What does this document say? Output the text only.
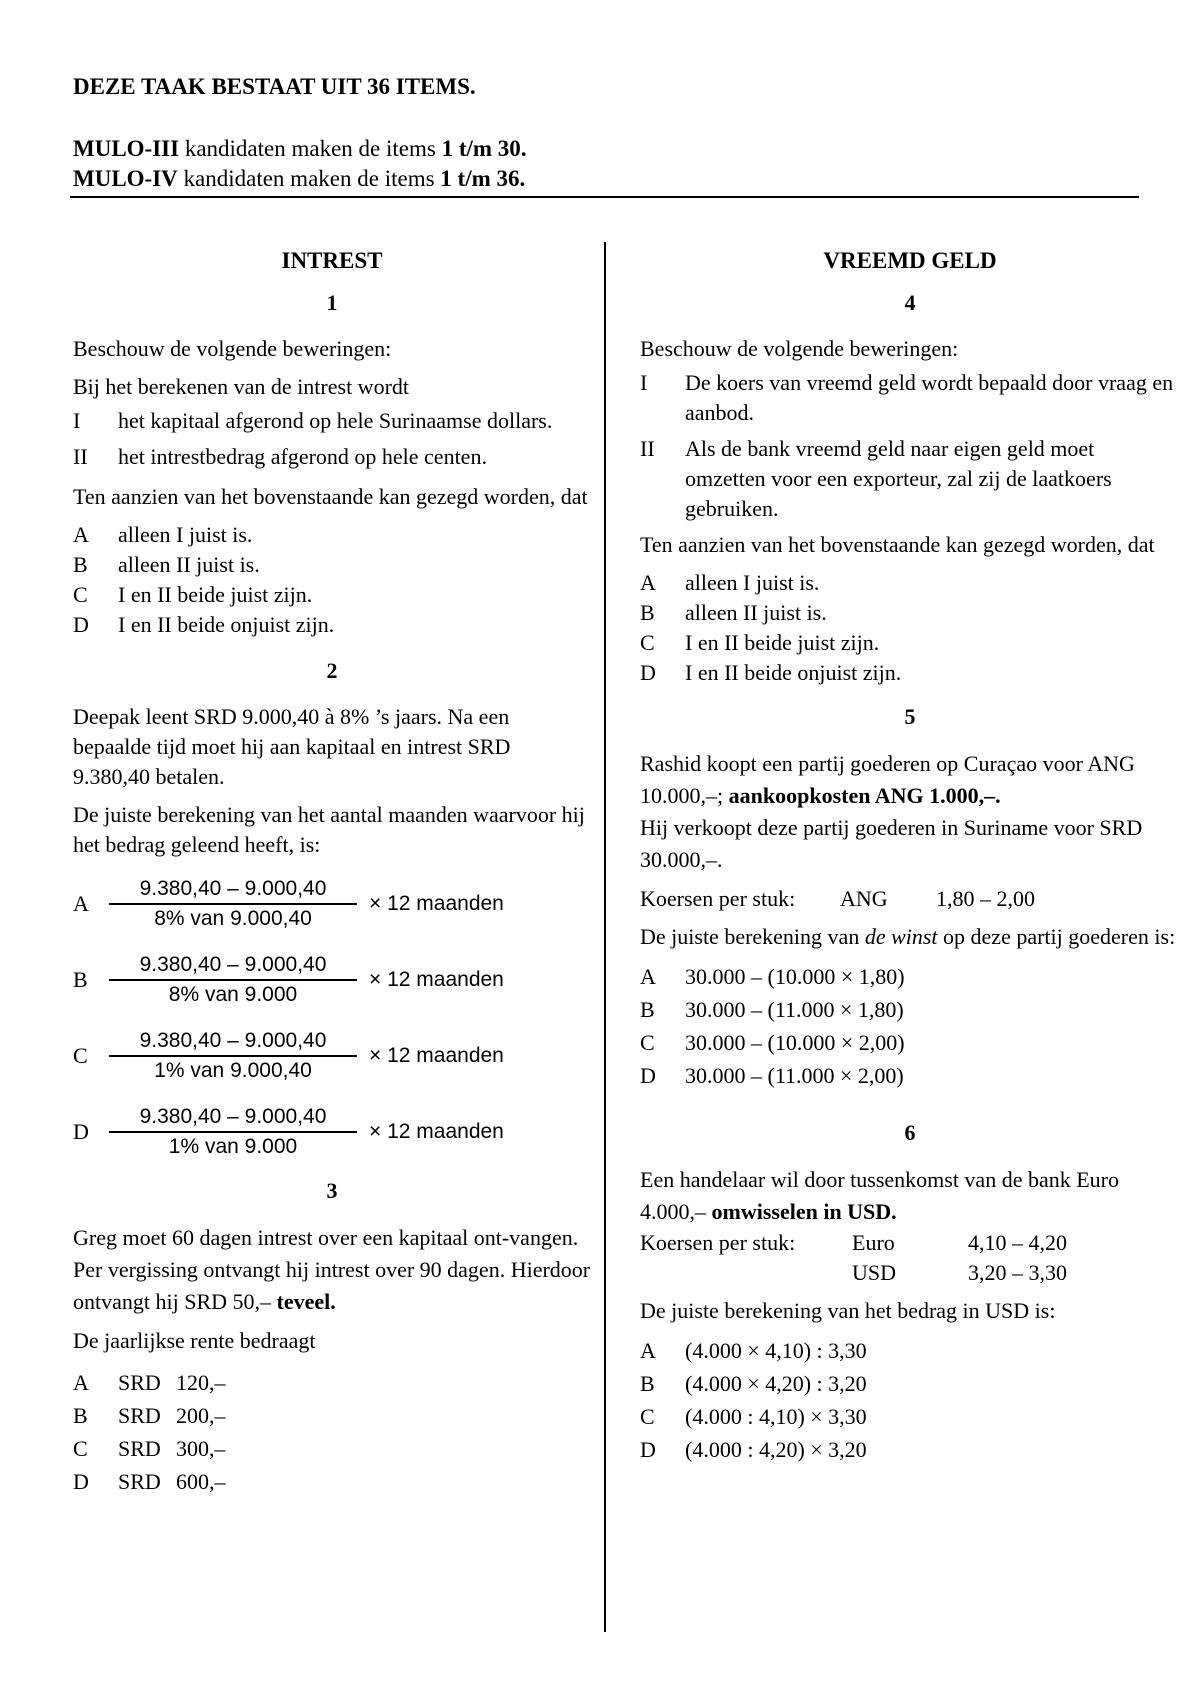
DEZE TAAK BESTAAT UIT 36 ITEMS.
MULO-III kandidaten maken de items 1 t/m 30.
MULO-IV kandidaten maken de items 1 t/m 36.
INTREST
1

Beschouw de volgende beweringen:

Bij het berekenen van de intrest wordt

I	het kapitaal afgerond op hele Surinaamse dollars.
II	het intrestbedrag afgerond op hele centen.

Ten aanzien van het bovenstaande kan gezegd worden, dat

A	alleen I juist is.
B	alleen II juist is.
C	I en II beide juist zijn.
D	I en II beide onjuist zijn.
2

Deepak leent SRD 9.000,40 à 8% ’s jaars. Na een bepaalde tijd moet hij aan kapitaal en intrest SRD 9.380,40 betalen.

De juiste berekening van het aantal maanden waarvoor hij het bedrag geleend heeft, is:

A $\frac{9.380,40 - 9.000,40}{\text{8\% van 9.000,40}} \times 12$ maanden
B	$\frac{9.380,40 - 9.000,40}{\text{8\% van 9.000}} \times 12$ maanden
C	$\frac{9.380,40 - 9.000,40}{\text{1\% van 9.000,40}} \times 12$ maanden
D $\frac{9.380,40 - 9.000,40}{\text{1\% van 9.000}} \times 12$ maanden
3

Greg moet 60 dagen intrest over een kapitaal ont-vangen. Per vergissing ontvangt hij intrest over 90 dagen. Hierdoor ontvangt hij SRD 50,– teveel.

De jaarlijkse rente bedraagt

A	SRD 120,–
B	SRD 200,–
C	SRD 300,–
D	SRD 600,–
VREEMD GELD
4

Beschouw de volgende beweringen:

I	De koers van vreemd geld wordt bepaald door vraag en aanbod.
II	Als de bank vreemd geld naar eigen geld moet omzetten voor een exporteur, zal zij de laatkoers gebruiken.

Ten aanzien van het bovenstaande kan gezegd worden, dat

A	alleen I juist is.
B	alleen II juist is.
C	I en II beide juist zijn.
D	I en II beide onjuist zijn.
5

Rashid koopt een partij goederen op Curaçao voor ANG 10.000,–; aankoopkosten ANG 1.000,–.

Hij verkoopt deze partij goederen in Suriname voor SRD 30.000,–.

Koersen per stuk:	ANG	1,80 – 2,00

De juiste berekening van de winst op deze partij goederen is:

A	30.000 – (10.000 × 1,80)
B	30.000 – (11.000 × 1,80)
C	30.000 – (10.000 × 2,00)
D	30.000 – (11.000 × 2,00)
6

Een handelaar wil door tussenkomst van de bank Euro 4.000,– omwisselen in USD.

Koersen per stuk:	Euro	4,10 – 4,20
	USD	3,20 – 3,30

De juiste berekening van het bedrag in USD is:

A	(4.000 × 4,10) : 3,30
B	(4.000 × 4,20) : 3,20
C	(4.000 : 4,10) × 3,30
D	(4.000 : 4,20) × 3,20
